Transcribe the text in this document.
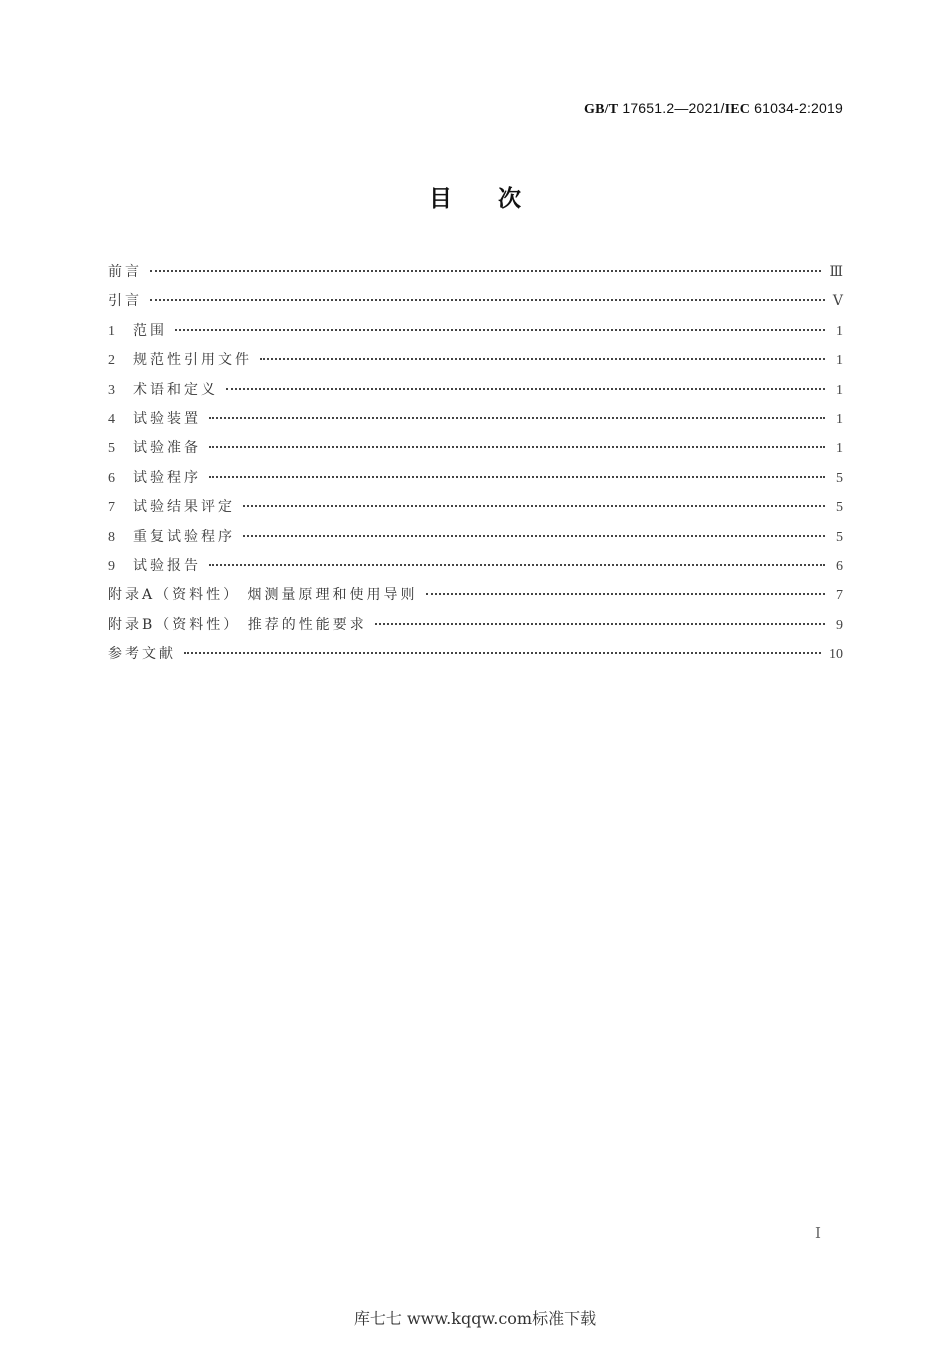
GB/T 17651.2—2021/IEC 61034-2:2019
目次
前言	Ⅲ
引言	Ⅴ
1	范围	1
2	规范性引用文件	1
3	术语和定义	1
4	试验装置	1
5	试验准备	1
6	试验程序	5
7	试验结果评定	5
8	重复试验程序	5
9	试验报告	6
附录A（资料性） 烟测量原理和使用导则	7
附录B（资料性） 推荐的性能要求	9
参考文献	10
Ⅰ
库七七 www.kqqw.com标准下载
